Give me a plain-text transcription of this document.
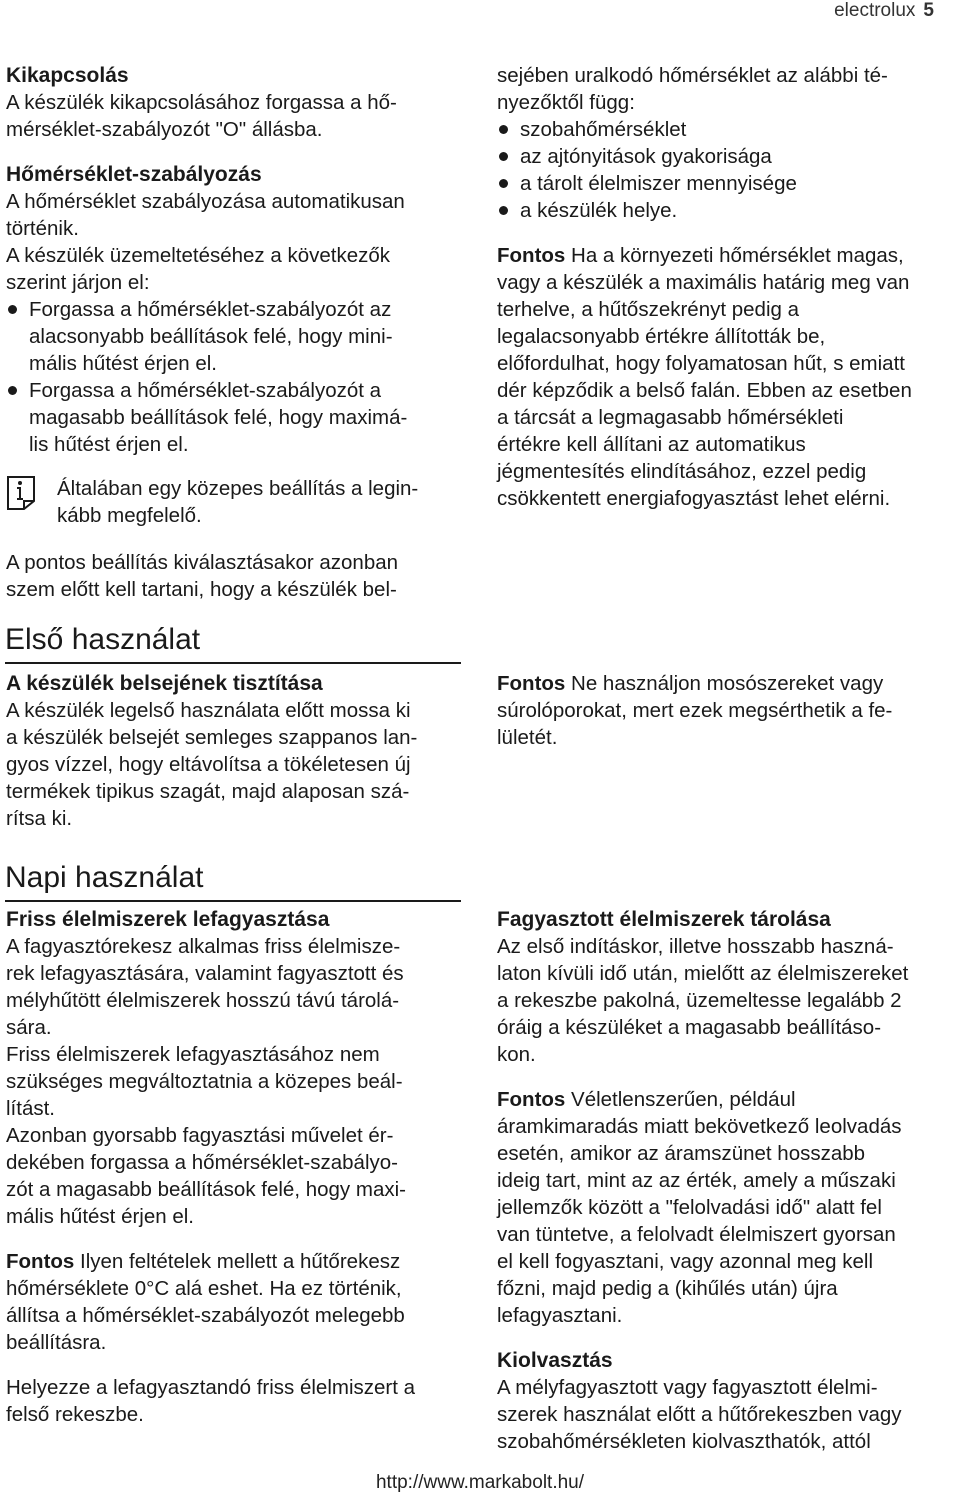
electrolux 5
Kikapcsolás

A készülék kikapcsolásához forgassa a hő-

mérséklet-szabályozót "O" állásba.

Hőmérséklet-szabályozás

A hőmérséklet szabályozása automatikusan

történik.

A készülék üzemeltetéséhez a következők

szerint járjon el:

Forgassa a hőmérséklet-szabályozót az
alacsonyabb beállítások felé, hogy mini-
mális hűtést érjen el.
Forgassa a hőmérséklet-szabályozót a
magasabb beállítások felé, hogy maximá-
lis hűtést érjen el.

Általában egy közepes beállítás a legin-

kább megfelelő.

A pontos beállítás kiválasztásakor azonban

szem előtt kell tartani, hogy a készülék bel-

sejében uralkodó hőmérséklet az alábbi té-

nyezőktől függ:

szobahőmérséklet
az ajtónyitások gyakorisága
a tárolt élelmiszer mennyisége
a készülék helye.

Fontos Ha a környezeti hőmérséklet magas,

vagy a készülék a maximális határig meg van

terhelve, a hűtőszekrényt pedig a

legalacsonyabb értékre állították be,

előfordulhat, hogy folyamatosan hűt, s emiatt

dér képződik a belső falán. Ebben az esetben

a tárcsát a legmagasabb hőmérsékleti

értékre kell állítani az automatikus

jégmentesítés elindításához, ezzel pedig

csökkentett energiafogyasztást lehet elérni.

Első használat
A készülék belsejének tisztítása

A készülék legelső használata előtt mossa ki

a készülék belsejét semleges szappanos lan-

gyos vízzel, hogy eltávolítsa a tökéletesen új

termékek tipikus szagát, majd alaposan szá-

rítsa ki.

Fontos Ne használjon mosószereket vagy

súrolóporokat, mert ezek megsérthetik a fe-

lületét.

Napi használat
Friss élelmiszerek lefagyasztása

A fagyasztórekesz alkalmas friss élelmisze-

rek lefagyasztására, valamint fagyasztott és

mélyhűtött élelmiszerek hosszú távú tárolá-

sára.

Friss élelmiszerek lefagyasztásához nem

szükséges megváltoztatnia a közepes beál-

lítást.

Azonban gyorsabb fagyasztási művelet ér-

dekében forgassa a hőmérséklet-szabályo-

zót a magasabb beállítások felé, hogy maxi-

mális hűtést érjen el.

Fontos Ilyen feltételek mellett a hűtőrekesz

hőmérséklete 0°C alá eshet. Ha ez történik,

állítsa a hőmérséklet-szabályozót melegebb

beállításra.

Helyezze a lefagyasztandó friss élelmiszert a

felső rekeszbe.

Fagyasztott élelmiszerek tárolása

Az első indításkor, illetve hosszabb haszná-

laton kívüli idő után, mielőtt az élelmiszereket

a rekeszbe pakolná, üzemeltesse legalább 2

óráig a készüléket a magasabb beállításo-

kon.

Fontos Véletlenszerűen, például

áramkimaradás miatt bekövetkező leolvadás

esetén, amikor az áramszünet hosszabb

ideig tart, mint az az érték, amely a műszaki

jellemzők között a "felolvadási idő" alatt fel

van tüntetve, a felolvadt élelmiszert gyorsan

el kell fogyasztani, vagy azonnal meg kell

főzni, majd pedig a (kihűlés után) újra

lefagyasztani.

Kiolvasztás

A mélyfagyasztott vagy fagyasztott élelmi-

szerek használat előtt a hűtőrekeszben vagy

szobahőmérsékleten kiolvaszthatók, attól

http://www.markabolt.hu/
